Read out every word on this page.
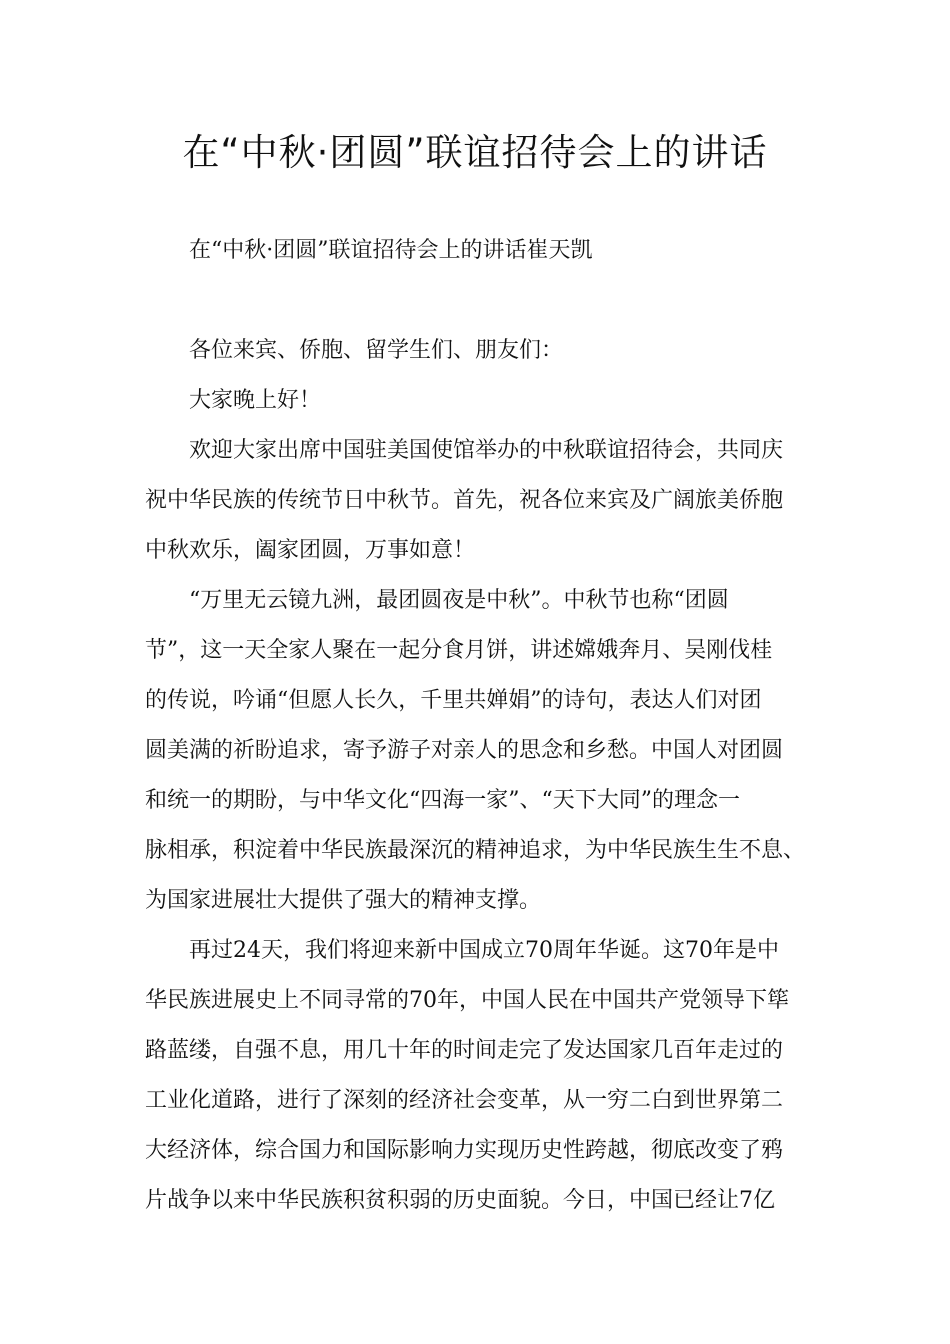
在“中秋·团圆”联谊招待会上的讲话
在“中秋·团圆”联谊招待会上的讲话崔天凯
各位来宾、侨胞、留学生们、朋友们：
大家晚上好！
欢迎大家出席中国驻美国使馆举办的中秋联谊招待会，共同庆
祝中华民族的传统节日中秋节。首先，祝各位来宾及广阔旅美侨胞
中秋欢乐，阖家团圆，万事如意！
“万里无云镜九洲，最团圆夜是中秋”。中秋节也称“团圆
节”，这一天全家人聚在一起分食月饼，讲述嫦娥奔月、吴刚伐桂
的传说，吟诵“但愿人长久，千里共婵娟”的诗句，表达人们对团
圆美满的祈盼追求，寄予游子对亲人的思念和乡愁。中国人对团圆
和统一的期盼，与中华文化“四海一家”、“天下大同”的理念一
脉相承，积淀着中华民族最深沉的精神追求，为中华民族生生不息、
为国家进展壮大提供了强大的精神支撑。
再过24天，我们将迎来新中国成立70周年华诞。这70年是中
华民族进展史上不同寻常的70年，中国人民在中国共产党领导下筚
路蓝缕，自强不息，用几十年的时间走完了发达国家几百年走过的
工业化道路，进行了深刻的经济社会变革，从一穷二白到世界第二
大经济体，综合国力和国际影响力实现历史性跨越，彻底改变了鸦
片战争以来中华民族积贫积弱的历史面貌。今日，中国已经让7亿
